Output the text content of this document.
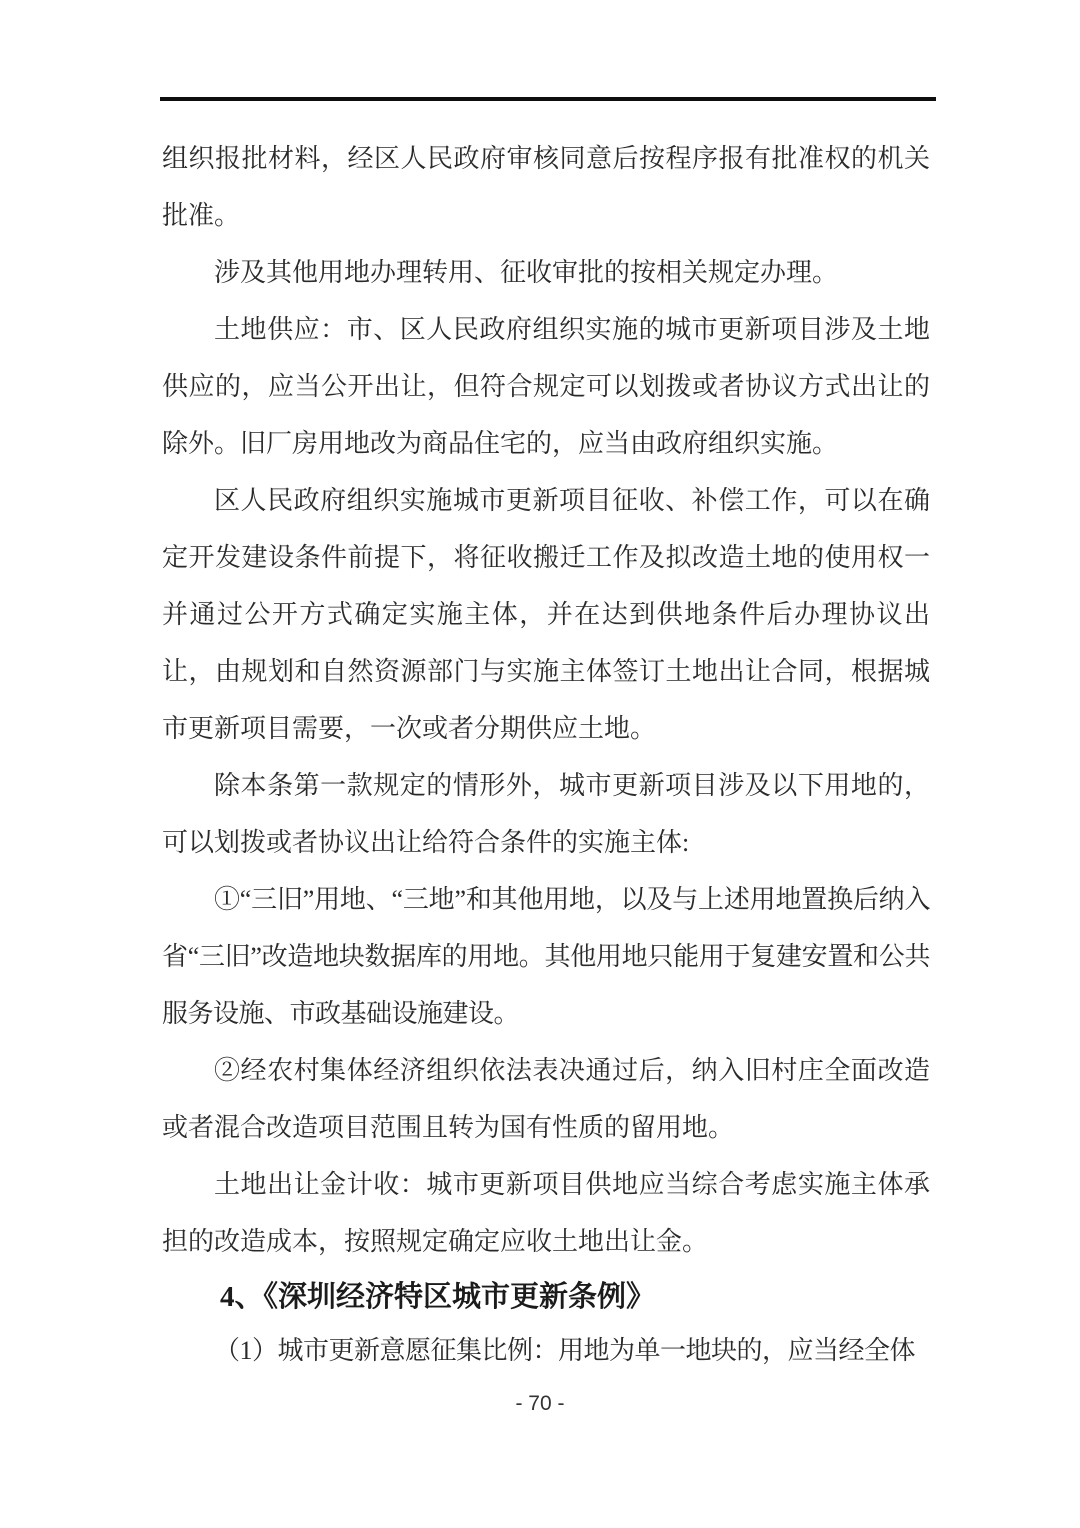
组织报批材料，经区人民政府审核同意后按程序报有批准权的机关批准。

涉及其他用地办理转用、征收审批的按相关规定办理。

土地供应：市、区人民政府组织实施的城市更新项目涉及土地供应的，应当公开出让，但符合规定可以划拨或者协议方式出让的除外。旧厂房用地改为商品住宅的，应当由政府组织实施。

区人民政府组织实施城市更新项目征收、补偿工作，可以在确定开发建设条件前提下，将征收搬迁工作及拟改造土地的使用权一并通过公开方式确定实施主体，并在达到供地条件后办理协议出让，由规划和自然资源部门与实施主体签订土地出让合同，根据城市更新项目需要，一次或者分期供应土地。

除本条第一款规定的情形外，城市更新项目涉及以下用地的，可以划拨或者协议出让给符合条件的实施主体:

①“三旧”用地、“三地”和其他用地，以及与上述用地置换后纳入省“三旧”改造地块数据库的用地。其他用地只能用于复建安置和公共服务设施、市政基础设施建设。

②经农村集体经济组织依法表决通过后，纳入旧村庄全面改造或者混合改造项目范围且转为国有性质的留用地。

土地出让金计收：城市更新项目供地应当综合考虑实施主体承担的改造成本，按照规定确定应收土地出让金。

4、《深圳经济特区城市更新条例》

（1）城市更新意愿征集比例：用地为单一地块的，应当经全体

- 70 -
